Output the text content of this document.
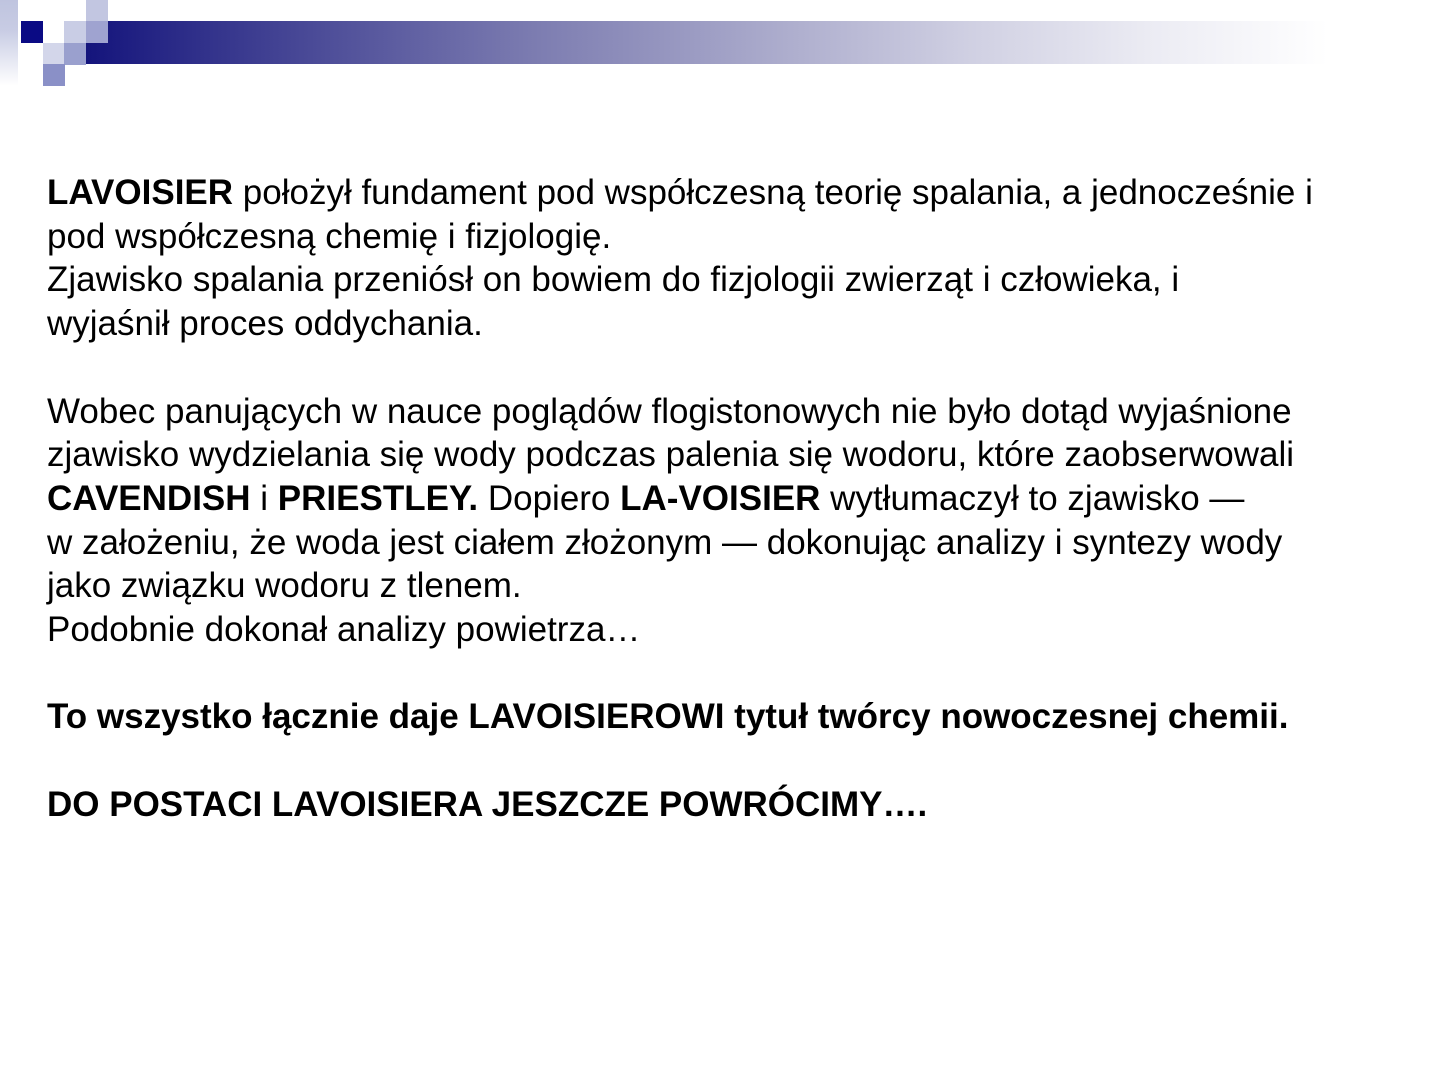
LAVOISIER położył fundament pod współczesną teorię spalania, a jednocześnie i
pod współczesną chemię i fizjologię.
Zjawisko spalania przeniósł on bowiem do fizjologii zwierząt i człowieka, i
wyjaśnił proces oddychania.

Wobec panujących w nauce poglądów flogistonowych nie było dotąd wyjaśnione
zjawisko wydzielania się wody podczas palenia się wodoru, które zaobserwowali
CAVENDISH i PRIESTLEY. Dopiero LA-VOISIER wytłumaczył to zjawisko —
w założeniu, że woda jest ciałem złożonym — dokonując analizy i syntezy wody
jako związku wodoru z tlenem.
Podobnie dokonał analizy powietrza…

To wszystko łącznie daje LAVOISIEROWI tytuł twórcy nowoczesnej chemii.

DO POSTACI LAVOISIERA JESZCZE POWRÓCIMY….
